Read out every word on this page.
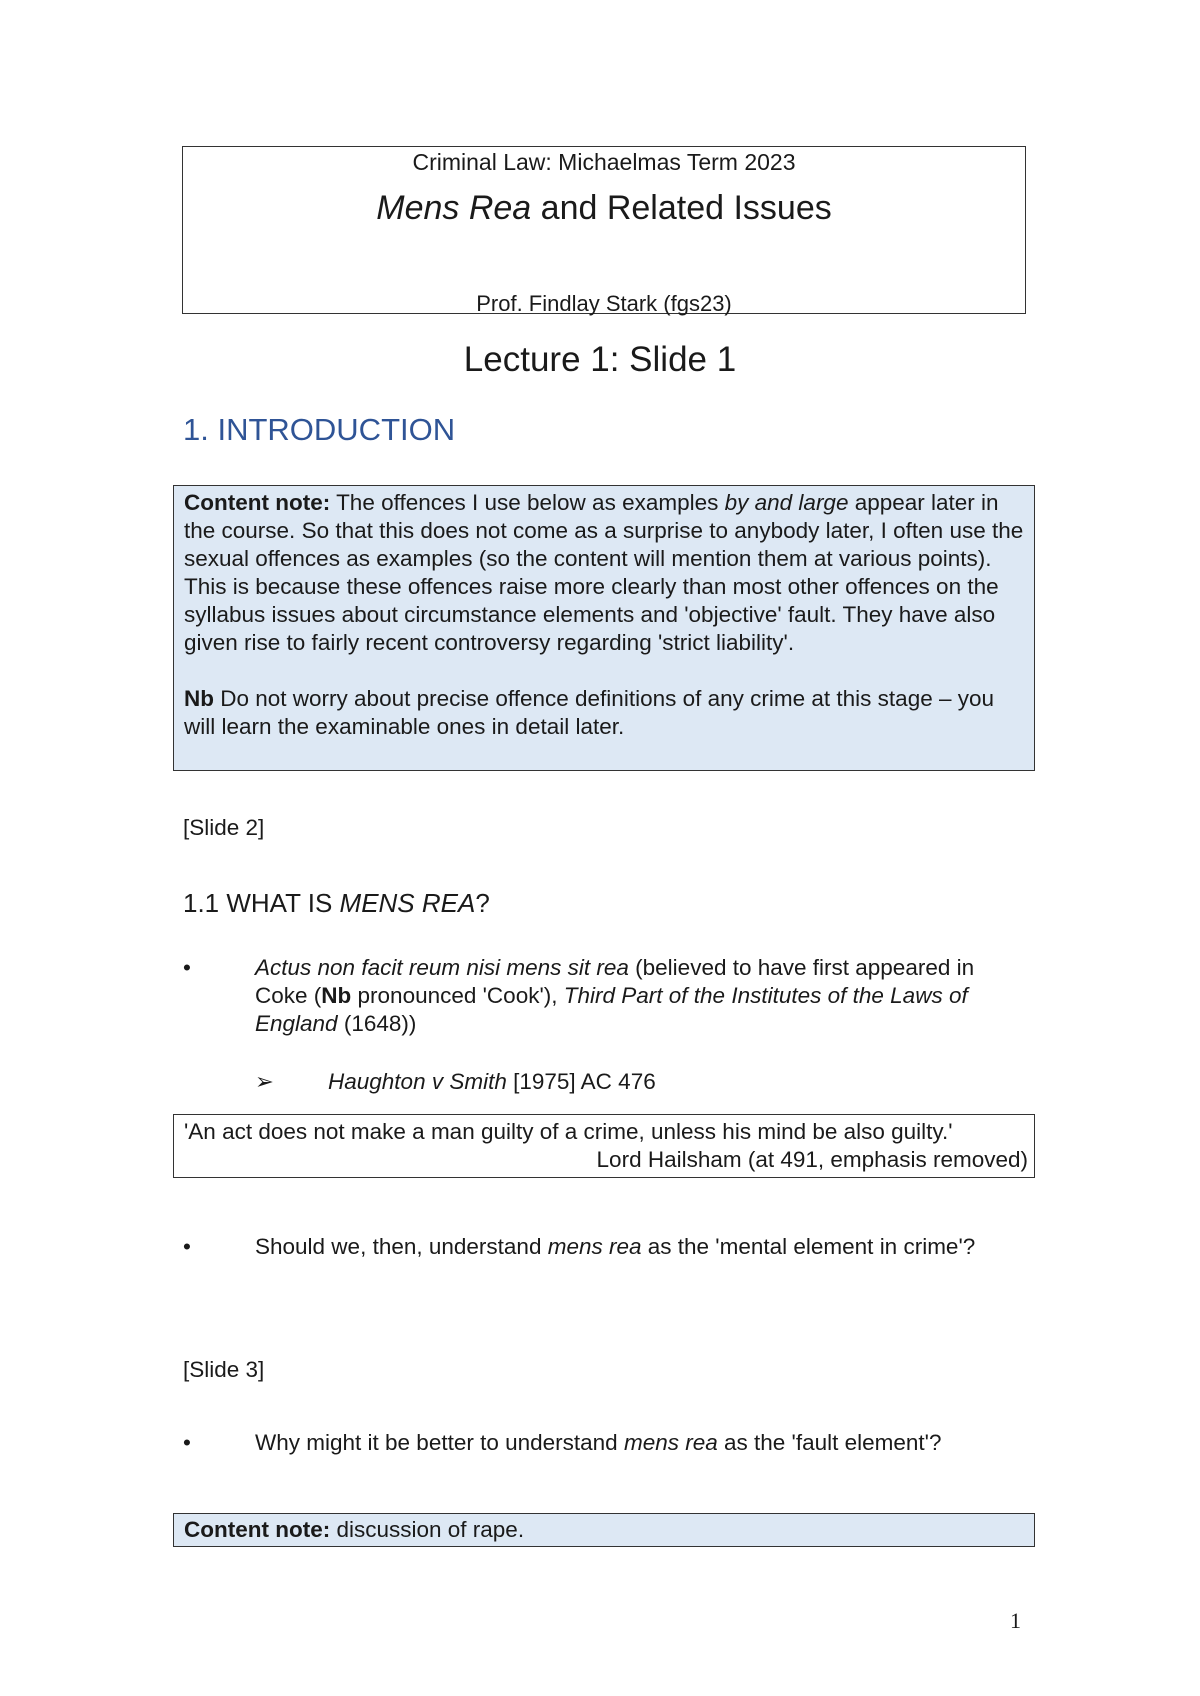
Criminal Law: Michaelmas Term 2023
Mens Rea and Related Issues
Prof. Findlay Stark (fgs23)
Lecture 1: Slide 1
1. INTRODUCTION

Content note: The offences I use below as examples by and large appear later in the course. So that this does not come as a surprise to anybody later, I often use the sexual offences as examples (so the content will mention them at various points). This is because these offences raise more clearly than most other offences on the syllabus issues about circumstance elements and 'objective' fault. They have also given rise to fairly recent controversy regarding 'strict liability'.

Nb Do not worry about precise offence definitions of any crime at this stage – you will learn the examinable ones in detail later.

[Slide 2]
1.1 WHAT IS MENS REA?
•	Actus non facit reum nisi mens sit rea (believed to have first appeared in Coke (Nb pronounced 'Cook'), Third Part of the Institutes of the Laws of England (1648))
➢ Haughton v Smith [1975] AC 476
'An act does not make a man guilty of a crime, unless his mind be also guilty.'
Lord Hailsham (at 491, emphasis removed)
•	Should we, then, understand mens rea as the 'mental element in crime'?
[Slide 3]
•	Why might it be better to understand mens rea as the 'fault element'?
Content note: discussion of rape.
1
